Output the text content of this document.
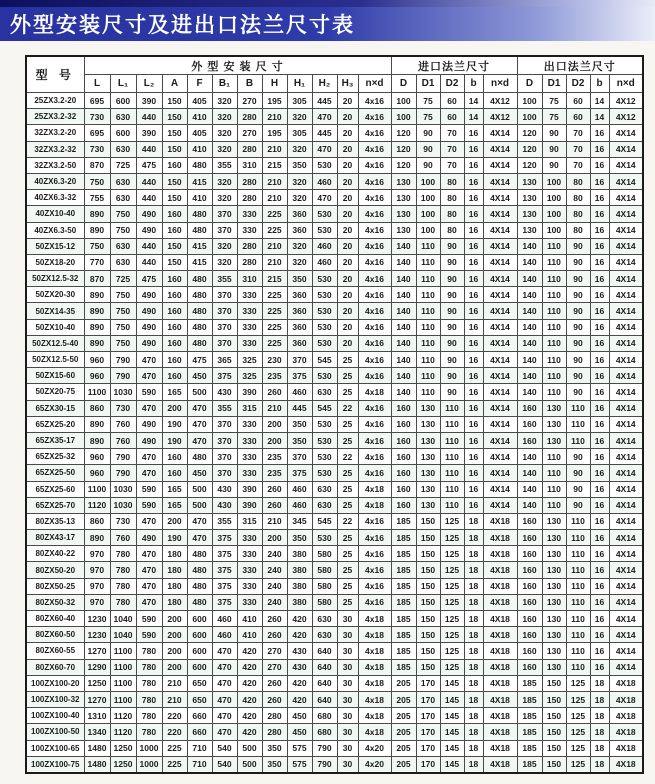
外型安装尺寸及进出口法兰尺寸表
型 号	外 型 安 装 尺 寸												进口法兰尺寸					出口法兰尺寸				
	L	L₁	L₂	A	F	B₁	B	H	H₁	H₂	H₃	n×d	D	D1	D2	b	n×d	D	D1	D2	b	n×d
25ZX3.2-20	695	600	390	150	405	320	270	195	305	445	20	4x16	100	75	60	14	4X12	100	75	60	14	4X12
25ZX3.2-32	730	630	440	150	410	320	280	210	320	470	20	4x16	100	75	60	14	4X12	100	75	60	14	4X12
32ZX3.2-20	695	600	390	150	405	320	270	195	305	445	20	4x16	120	90	70	16	4X14	120	90	70	16	4X14
32ZX3.2-32	730	630	440	150	410	320	280	210	320	470	20	4x16	120	90	70	16	4X14	120	90	70	16	4X14
32ZX3.2-50	870	725	475	160	480	355	310	215	350	530	20	4x16	120	90	70	16	4X14	120	90	70	16	4X14
40ZX6.3-20	750	630	440	150	415	320	280	210	320	460	20	4x16	130	100	80	16	4X14	130	100	80	16	4X14
40ZX6.3-32	755	630	440	150	410	320	280	210	320	470	20	4x16	130	100	80	16	4X14	130	100	80	16	4X14
40ZX10-40	890	750	490	160	480	370	330	225	360	530	20	4x16	130	100	80	16	4X14	130	100	80	16	4X14
40ZX6.3-50	890	750	490	160	480	370	330	225	360	530	20	4x16	130	100	80	16	4X14	130	100	80	16	4X14
50ZX15-12	750	630	440	150	415	320	280	210	320	460	20	4x16	140	110	90	16	4X14	140	110	90	16	4X14
50ZX18-20	770	630	440	150	415	320	280	210	320	460	20	4x16	140	110	90	16	4X14	140	110	90	16	4X14
50ZX12.5-32	870	725	475	160	480	355	310	215	350	530	20	4x16	140	110	90	16	4X14	140	110	90	16	4X14
50ZX20-30	890	750	490	160	480	370	330	225	360	530	20	4x16	140	110	90	16	4X14	140	110	90	16	4X14
50ZX14-35	890	750	490	160	480	370	330	225	360	530	20	4x16	140	110	90	16	4X14	140	110	90	16	4X14
50ZX10-40	890	750	490	160	480	370	330	225	360	530	20	4x16	140	110	90	16	4X14	140	110	90	16	4X14
50ZX12.5-40	890	750	490	160	480	370	330	225	360	530	20	4x16	140	110	90	16	4X14	140	110	90	16	4X14
50ZX12.5-50	960	790	470	160	475	365	325	230	370	545	25	4x16	140	110	90	16	4X14	140	110	90	16	4X14
50ZX15-60	960	790	470	160	450	375	325	235	375	530	25	4x16	140	110	90	16	4X14	140	110	90	16	4X14
50ZX20-75	1100	1030	590	165	500	430	390	260	460	630	25	4x18	140	110	90	16	4X14	140	110	90	16	4X14
65ZX30-15	860	730	470	200	470	355	315	210	445	545	22	4x16	160	130	110	16	4X14	160	130	110	16	4X14
65ZX25-20	890	760	490	190	470	370	330	200	350	530	25	4x16	160	130	110	16	4X14	160	130	110	16	4X14
65ZX35-17	890	760	490	190	470	370	330	200	350	530	25	4x16	160	130	110	16	4X14	160	130	110	16	4X14
65ZX25-32	960	790	470	160	480	370	330	235	370	530	22	4x16	160	130	110	16	4X14	140	110	90	16	4X14
65ZX25-50	960	790	470	160	450	370	330	235	375	530	25	4x16	160	130	110	16	4X14	140	110	90	16	4X14
65ZX25-60	1100	1030	590	165	500	430	390	260	460	630	25	4x18	160	130	110	16	4X14	140	110	90	16	4X14
65ZX25-70	1120	1030	590	165	500	430	390	260	460	630	25	4x18	160	130	110	16	4X14	140	110	90	16	4X14
80ZX35-13	860	730	470	200	470	355	315	210	345	545	22	4x16	185	150	125	18	4X18	160	130	110	16	4X14
80ZX43-17	890	760	490	190	470	375	330	200	350	530	25	4x16	185	150	125	18	4X18	160	130	110	16	4X14
80ZX40-22	970	780	470	180	480	375	330	240	380	580	25	4x16	185	150	125	18	4X18	160	130	110	16	4X14
80ZX50-20	970	780	470	180	480	375	330	240	380	580	25	4x16	185	150	125	18	4X18	160	130	110	16	4X14
80ZX50-25	970	780	470	180	480	375	330	240	380	580	25	4x16	185	150	125	18	4X18	160	130	110	16	4X14
80ZX50-32	970	780	470	180	480	375	330	240	380	580	25	4x16	185	150	125	18	4X18	160	130	110	16	4X14
80ZX60-40	1230	1040	590	200	600	460	410	260	420	630	30	4x18	185	150	125	18	4X18	160	130	110	16	4X14
80ZX60-50	1230	1040	590	200	600	460	410	260	420	630	30	4x18	185	150	125	18	4X18	160	130	110	16	4X14
80ZX60-55	1270	1100	780	200	600	470	420	270	430	640	30	4x18	185	150	125	18	4X18	160	130	110	16	4X14
80ZX60-70	1290	1100	780	200	600	470	420	270	430	640	30	4x18	185	150	125	18	4X18	160	130	110	16	4X14
100ZX100-20	1250	1100	780	210	650	470	420	260	420	640	30	4x18	205	170	145	18	4X18	185	150	125	18	4X18
100ZX100-32	1270	1100	780	210	650	470	420	260	420	640	30	4x18	205	170	145	18	4X18	185	150	125	18	4X18
100ZX100-40	1310	1120	780	220	660	470	420	280	450	680	30	4x18	205	170	145	18	4X18	185	150	125	18	4X18
100ZX100-50	1340	1120	780	220	660	470	420	280	450	680	30	4x18	205	170	145	18	4X18	185	150	125	18	4X18
100ZX100-65	1480	1250	1000	225	710	540	500	350	575	790	30	4x20	205	170	145	18	4X18	185	150	125	18	4X18
100ZX100-75	1480	1250	1000	225	710	540	500	350	575	790	30	4x20	205	170	145	18	4X18	185	150	125	18	4X18
